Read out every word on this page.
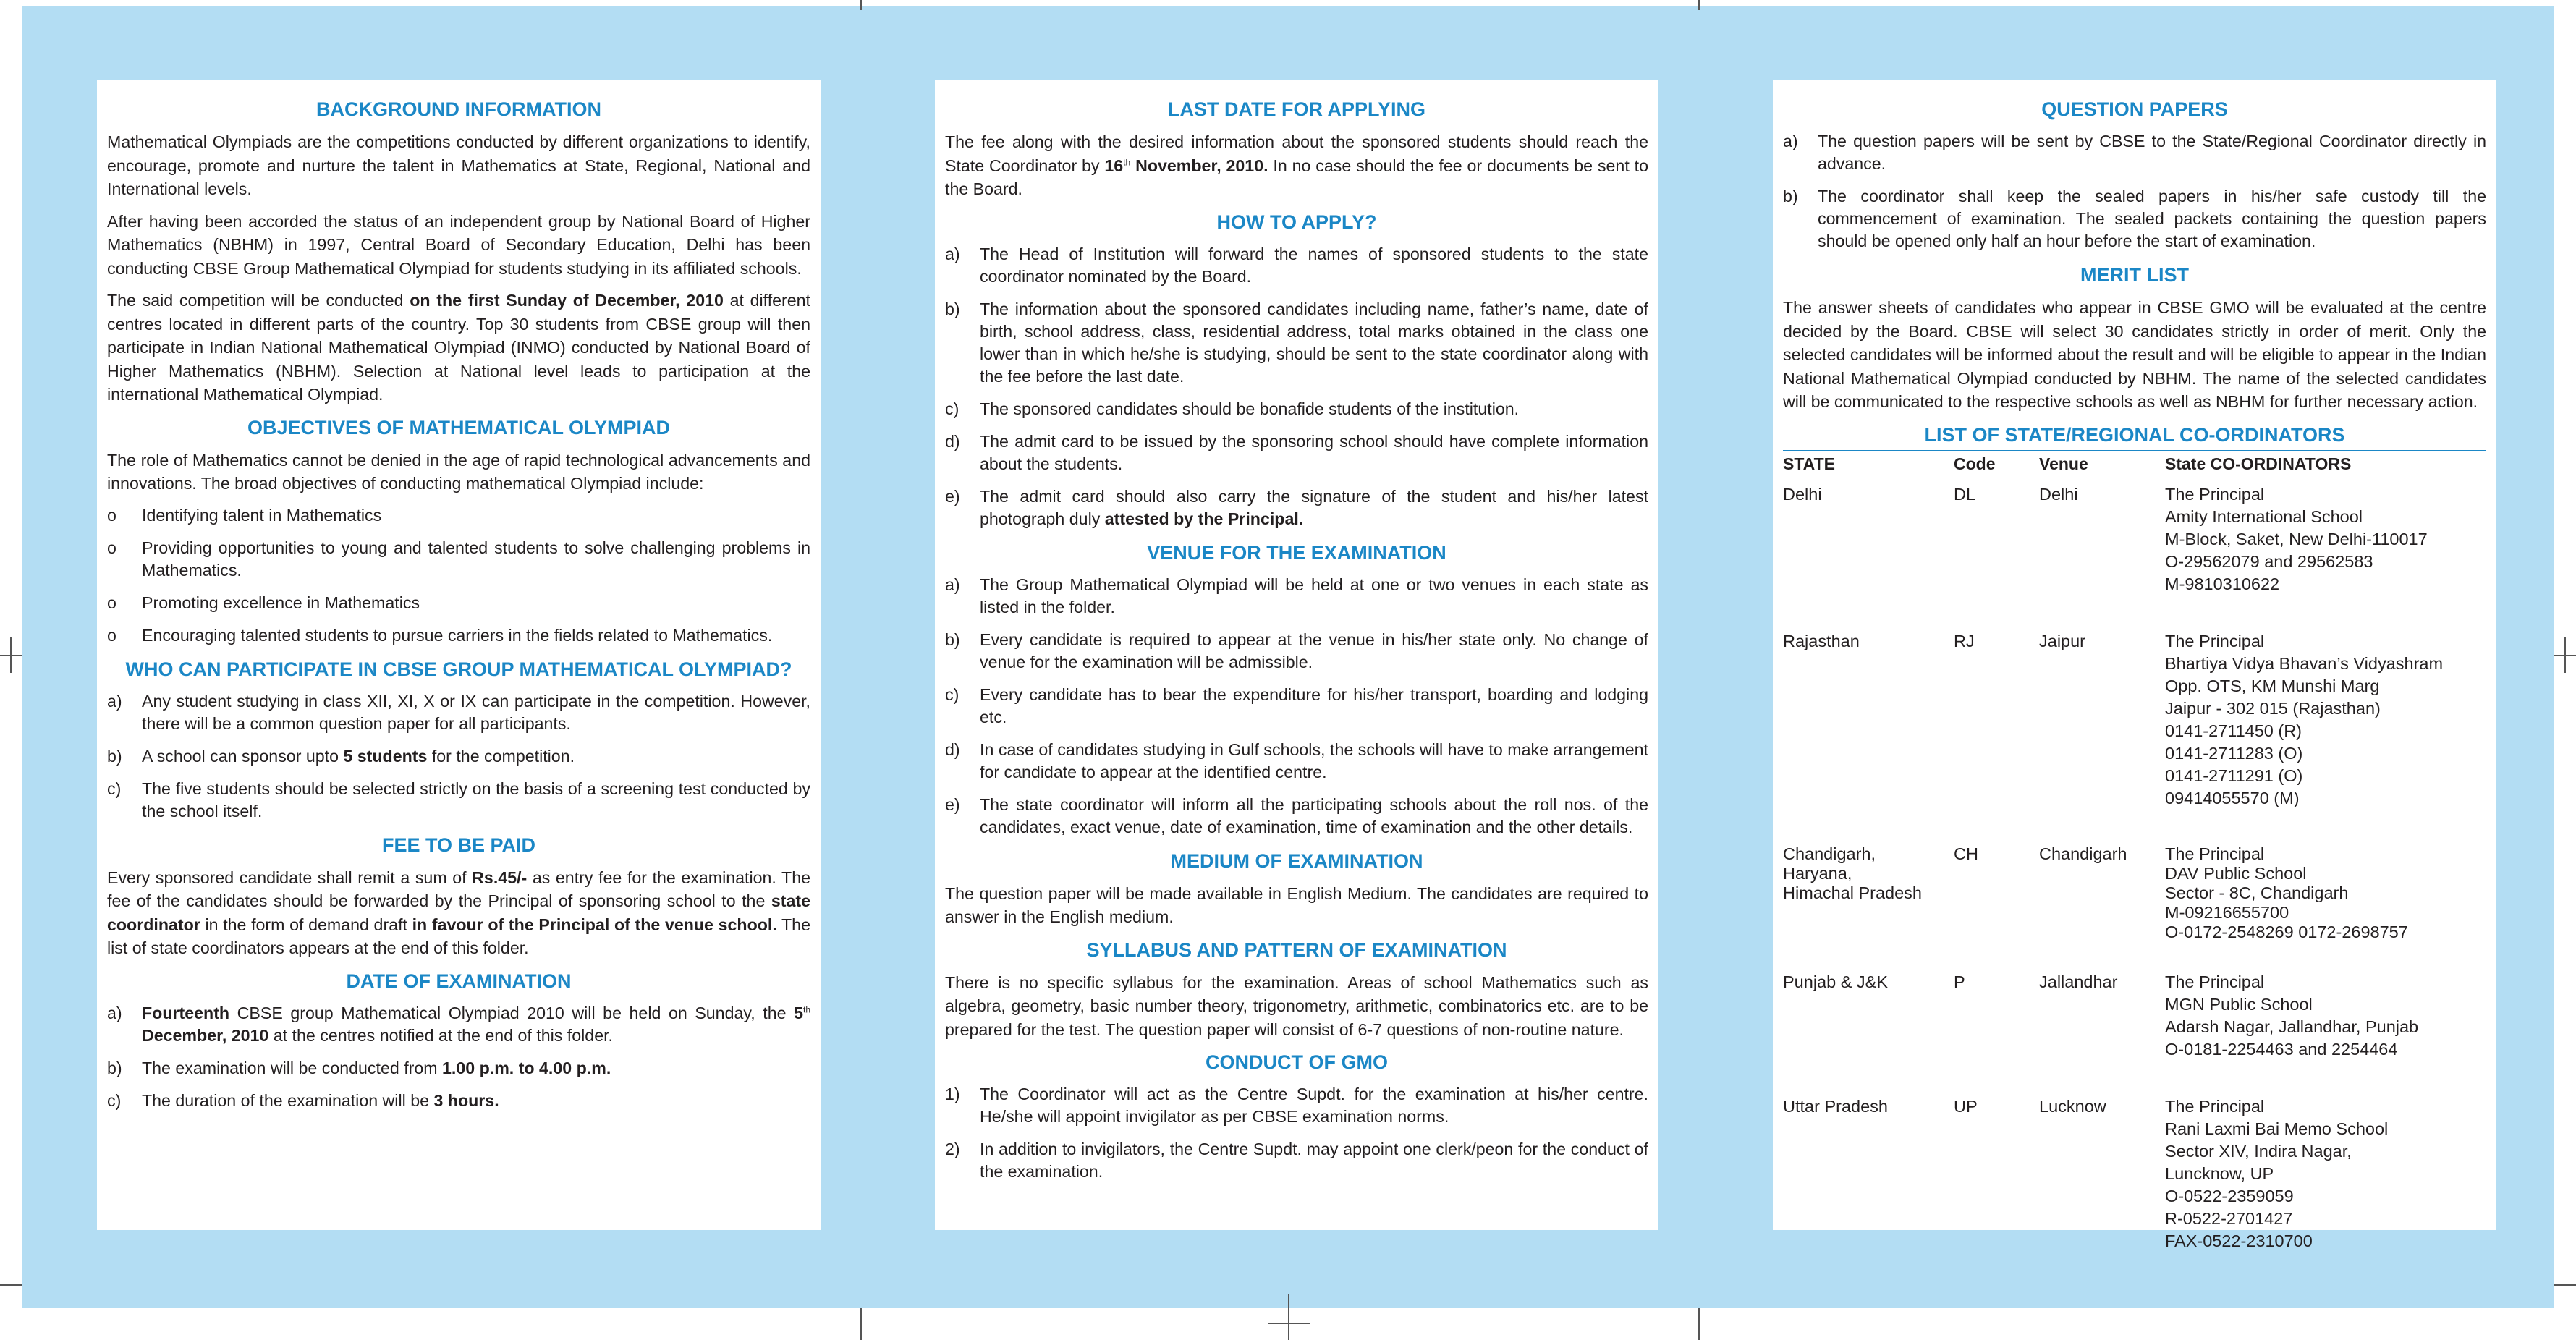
BACKGROUND INFORMATION

Mathematical Olympiads are the competitions conducted by different organizations to identify, encourage, promote and nurture the talent in Mathematics at State, Regional, National and International levels.

After having been accorded the status of an independent group by National Board of Higher Mathematics (NBHM) in 1997, Central Board of Secondary Education, Delhi has been conducting CBSE Group Mathematical Olympiad for students studying in its affiliated schools.

The said competition will be conducted on the first Sunday of December, 2010 at different centres located in different parts of the country. Top 30 students from CBSE group will then participate in Indian National Mathematical Olympiad (INMO) conducted by National Board of Higher Mathematics (NBHM). Selection at National level leads to participation at the international Mathematical Olympiad.

OBJECTIVES OF MATHEMATICAL OLYMPIAD

The role of Mathematics cannot be denied in the age of rapid technological advancements and innovations. The broad objectives of conducting mathematical Olympiad include:

o	Identifying talent in Mathematics
o	Providing opportunities to young and talented students to solve challenging problems in Mathematics.
o	Promoting excellence in Mathematics
o	Encouraging talented students to pursue carriers in the fields related to Mathematics.
WHO CAN PARTICIPATE IN CBSE GROUP MATHEMATICAL OLYMPIAD?
a)	Any student studying in class XII, XI, X or IX can participate in the competition. However, there will be a common question paper for all participants.
b)	A school can sponsor upto 5 students for the competition.
c)	The five students should be selected strictly on the basis of a screening test conducted by the school itself.
FEE TO BE PAID

Every sponsored candidate shall remit a sum of Rs.45/- as entry fee for the examination. The fee of the candidates should be forwarded by the Principal of sponsoring school to the state coordinator in the form of demand draft in favour of the Principal of the venue school. The list of state coordinators appears at the end of this folder.

DATE OF EXAMINATION
a)	Fourteenth CBSE group Mathematical Olympiad 2010 will be held on Sunday, the 5th December, 2010 at the centres notified at the end of this folder.
b)	The examination will be conducted from 1.00 p.m. to 4.00 p.m.
c)	The duration of the examination will be 3 hours.
LAST DATE FOR APPLYING

The fee along with the desired information about the sponsored students should reach the State Coordinator by 16th November, 2010. In no case should the fee or documents be sent to the Board.

HOW TO APPLY?
a)	The Head of Institution will forward the names of sponsored students to the state coordinator nominated by the Board.
b)	The information about the sponsored candidates including name, father’s name, date of birth, school address, class, residential address, total marks obtained in the class one lower than in which he/she is studying, should be sent to the state coordinator along with the fee before the last date.
c)	The sponsored candidates should be bonafide students of the institution.
d)	The admit card to be issued by the sponsoring school should have complete information about the students.
e)	The admit card should also carry the signature of the student and his/her latest photograph duly attested by the Principal.
VENUE FOR THE EXAMINATION
a)	The Group Mathematical Olympiad will be held at one or two venues in each state as listed in the folder.
b)	Every candidate is required to appear at the venue in his/her state only. No change of venue for the examination will be admissible.
c)	Every candidate has to bear the expenditure for his/her transport, boarding and lodging etc.
d)	In case of candidates studying in Gulf schools, the schools will have to make arrangement for candidate to appear at the identified centre.
e)	The state coordinator will inform all the participating schools about the roll nos. of the candidates, exact venue, date of examination, time of examination and the other details.
MEDIUM OF EXAMINATION

The question paper will be made available in English Medium. The candidates are required to answer in the English medium.

SYLLABUS AND PATTERN OF EXAMINATION

There is no specific syllabus for the examination. Areas of school Mathematics such as algebra, geometry, basic number theory, trigonometry, arithmetic, combinatorics etc. are to be prepared for the test. The question paper will consist of 6-7 questions of non-routine nature.

CONDUCT OF GMO
1)	The Coordinator will act as the Centre Supdt. for the examination at his/her centre. He/she will appoint invigilator as per CBSE examination norms.
2)	In addition to invigilators, the Centre Supdt. may appoint one clerk/peon for the conduct of the examination.
QUESTION PAPERS
a)	The question papers will be sent by CBSE to the State/Regional Coordinator directly in advance.
b)	The coordinator shall keep the sealed papers in his/her safe custody till the commencement of examination. The sealed packets containing the question papers should be opened only half an hour before the start of examination.
MERIT LIST

The answer sheets of candidates who appear in CBSE GMO will be evaluated at the centre decided by the Board. CBSE will select 30 candidates strictly in order of merit. Only the selected candidates will be informed about the result and will be eligible to appear in the Indian National Mathematical Olympiad conducted by NBHM. The name of the selected candidates will be communicated to the respective schools as well as NBHM for further necessary action.

LIST OF STATE/REGIONAL CO-ORDINATORS
STATE	Code	Venue	State CO-ORDINATORS
Delhi	DL	Delhi	The Principal
Amity International School
M-Block, Saket, New Delhi-110017
O-29562079 and 29562583
M-9810310622
Rajasthan	RJ	Jaipur	The Principal
Bhartiya Vidya Bhavan’s Vidyashram
Opp. OTS, KM Munshi Marg
Jaipur - 302 015 (Rajasthan)
0141-2711450 (R)
0141-2711283 (O)
0141-2711291 (O)
09414055570 (M)
Chandigarh,
Haryana,
Himachal Pradesh
CH	Chandigarh	The Principal
DAV Public School
Sector - 8C, Chandigarh
M-09216655700
O-0172-2548269 0172-2698757
Punjab & J&K	P	Jallandhar	The Principal
MGN Public School
Adarsh Nagar, Jallandhar, Punjab
O-0181-2254463 and 2254464
Uttar Pradesh	UP	Lucknow	The Principal
Rani Laxmi Bai Memo School
Sector XIV, Indira Nagar,
Luncknow, UP
O-0522-2359059
R-0522-2701427
FAX-0522-2310700
